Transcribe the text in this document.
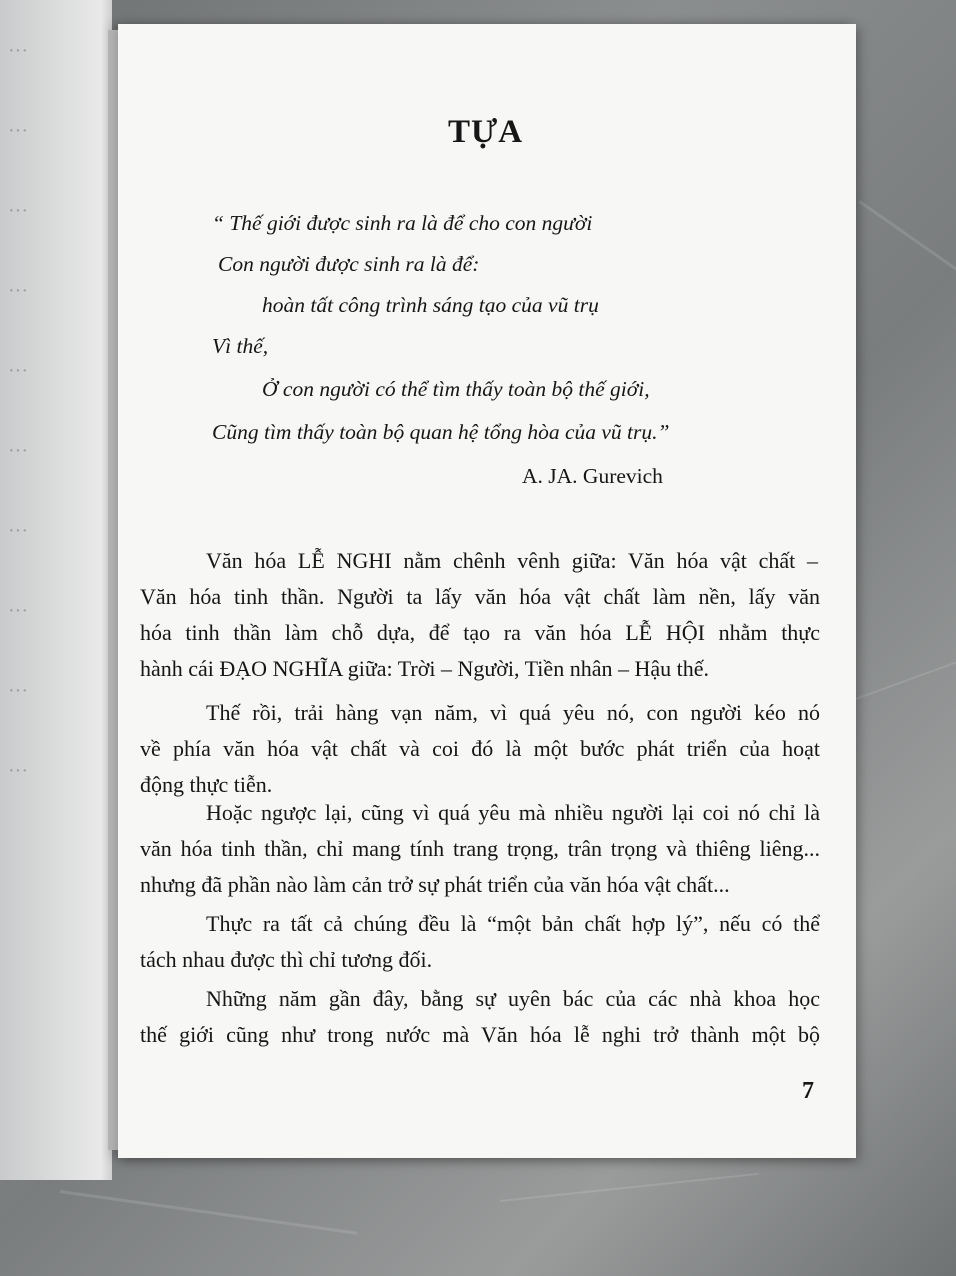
···
···
···
···
···
···
···
···
···
···
TỰA
“ Thế giới được sinh ra là để cho con người
Con người được sinh ra là để:
hoàn tất công trình sáng tạo của vũ trụ
Vì thế,
Ở con người có thể tìm thấy toàn bộ thế giới,
Cũng tìm thấy toàn bộ quan hệ tổng hòa của vũ trụ.”
A. JA. Gurevich
Văn hóa LỄ NGHI nằm chênh vênh giữa: Văn hóa vật chất –
Văn hóa tinh thần. Người ta lấy văn hóa vật chất làm nền, lấy văn
hóa tinh thần làm chỗ dựa, để tạo ra văn hóa LỄ HỘI nhằm thực
hành cái ĐẠO NGHĨA giữa: Trời – Người, Tiền nhân – Hậu thế.
Thế rồi, trải hàng vạn năm, vì quá yêu nó, con người kéo nó
về phía văn hóa vật chất và coi đó là một bước phát triển của hoạt
động thực tiễn.
Hoặc ngược lại, cũng vì quá yêu mà nhiều người lại coi nó chỉ là
văn hóa tinh thần, chỉ mang tính trang trọng, trân trọng và thiêng liêng...
nhưng đã phần nào làm cản trở sự phát triển của văn hóa vật chất...
Thực ra tất cả chúng đều là “một bản chất hợp lý”, nếu có thể
tách nhau được thì chỉ tương đối.
Những năm gần đây, bằng sự uyên bác của các nhà khoa học
thế giới cũng như trong nước mà Văn hóa lễ nghi trở thành một bộ
7
